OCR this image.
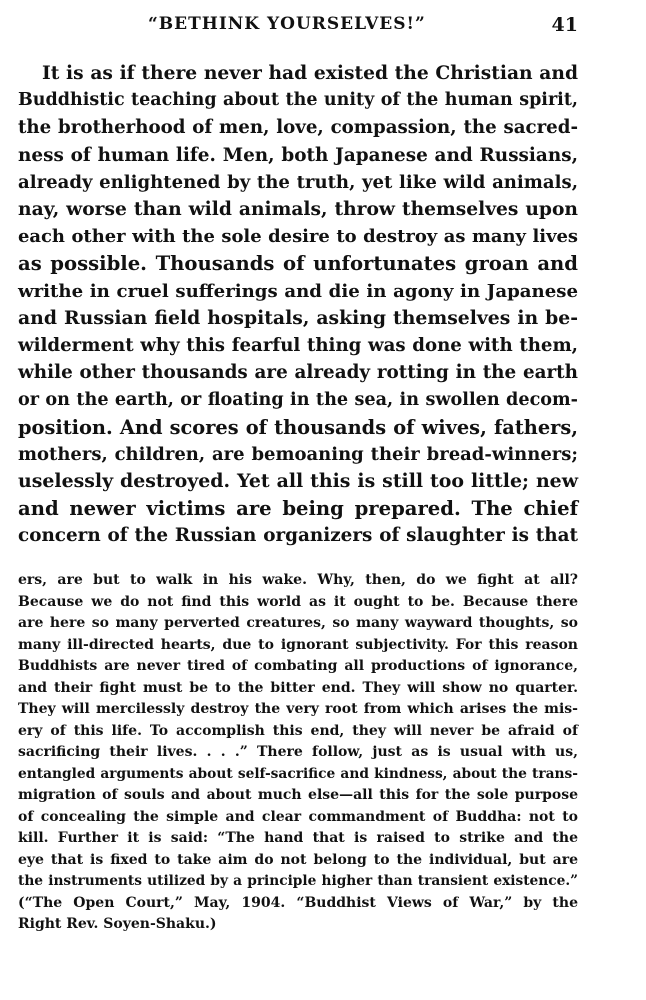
“BETHINK YOURSELVES!”	41
It is as if there never had existed the Christian and
Buddhistic teaching about the unity of the human spirit,
the brotherhood of men, love, compassion, the sacred-
ness of human life. Men, both Japanese and Russians,
already enlightened by the truth, yet like wild animals,
nay, worse than wild animals, throw themselves upon
each other with the sole desire to destroy as many lives
as possible. Thousands of unfortunates groan and
writhe in cruel sufferings and die in agony in Japanese
and Russian field hospitals, asking themselves in be-
wilderment why this fearful thing was done with them,
while other thousands are already rotting in the earth
or on the earth, or floating in the sea, in swollen decom-
position. And scores of thousands of wives, fathers,
mothers, children, are bemoaning their bread-winners;
uselessly destroyed. Yet all this is still too little; new
and newer victims are being prepared. The chief
concern of the Russian organizers of slaughter is that
ers, are but to walk in his wake. Why, then, do we fight at all?
Because we do not find this world as it ought to be. Because there
are here so many perverted creatures, so many wayward thoughts, so
many ill-directed hearts, due to ignorant subjectivity. For this reason
Buddhists are never tired of combating all productions of ignorance,
and their fight must be to the bitter end. They will show no quarter.
They will mercilessly destroy the very root from which arises the mis-
ery of this life. To accomplish this end, they will never be afraid of
sacrificing their lives. . . .” There follow, just as is usual with us,
entangled arguments about self-sacrifice and kindness, about the trans-
migration of souls and about much else—all this for the sole purpose
of concealing the simple and clear commandment of Buddha: not to
kill. Further it is said: “The hand that is raised to strike and the
eye that is fixed to take aim do not belong to the individual, but are
the instruments utilized by a principle higher than transient existence.”
(“The Open Court,” May, 1904. “Buddhist Views of War,” by the
Right Rev. Soyen-Shaku.)
